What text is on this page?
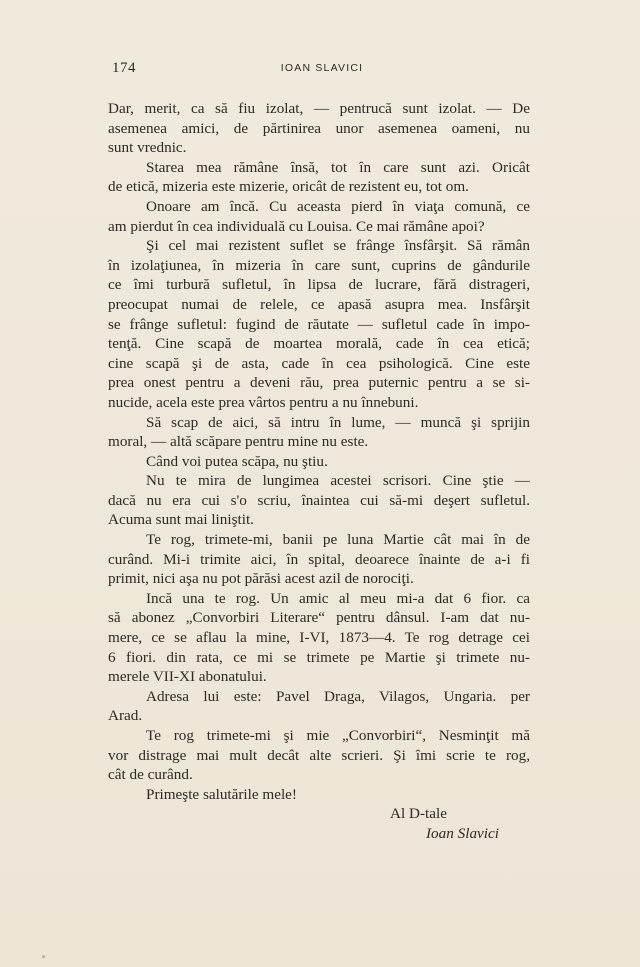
174	IOAN SLAVICI
Dar, merit, ca să fiu izolat, — pentrucă sunt izolat. — De
asemenea amici, de părtinirea unor asemenea oameni, nu
sunt vrednic.
Starea mea rămâne însă, tot în care sunt azi. Oricât
de etică, mizeria este mizerie, oricât de rezistent eu, tot om.
Onoare am încă. Cu aceasta pierd în viaţa comună, ce
am pierdut în cea individuală cu Louisa. Ce mai rămâne apoi?
Şi cel mai rezistent suflet se frânge însfârşit. Să rămân
în izolaţiunea, în mizeria în care sunt, cuprins de gândurile
ce îmi turbură sufletul, în lipsa de lucrare, fără distrageri,
preocupat numai de relele, ce apasă asupra mea. Insfârşit
se frânge sufletul: fugind de răutate — sufletul cade în impo-
tenţă. Cine scapă de moartea morală, cade în cea etică;
cine scapă şi de asta, cade în cea psihologică. Cine este
prea onest pentru a deveni rău, prea puternic pentru a se si-
nucide, acela este prea vârtos pentru a nu înnebuni.
Să scap de aici, să intru în lume, — muncă şi sprijin
moral, — altă scăpare pentru mine nu este.
Când voi putea scăpa, nu ştiu.
Nu te mira de lungimea acestei scrisori. Cine ştie —
dacă nu era cui s'o scriu, înaintea cui să-mi deşert sufletul.
Acuma sunt mai liniştit.
Te rog, trimete-mi, banii pe luna Martie cât mai în de
curând. Mi-i trimite aici, în spital, deoarece înainte de a-i fi
primit, nici aşa nu pot părăsi acest azil de norociţi.
Incă una te rog. Un amic al meu mi-a dat 6 fior. ca
să abonez „Convorbiri Literare“ pentru dânsul. I-am dat nu-
mere, ce se aflau la mine, I-VI, 1873—4. Te rog detrage cei
6 fiori. din rata, ce mi se trimete pe Martie şi trimete nu-
merele VII-XI abonatului.
Adresa lui este: Pavel Draga, Vilagos, Ungaria. per
Arad.
Te rog trimete-mi şi mie „Convorbiri“, Nesminţit mă
vor distrage mai mult decât alte scrieri. Şi îmi scrie te rog,
cât de curând.
Primeşte salutările mele!
Al D-tale
Ioan Slavici
